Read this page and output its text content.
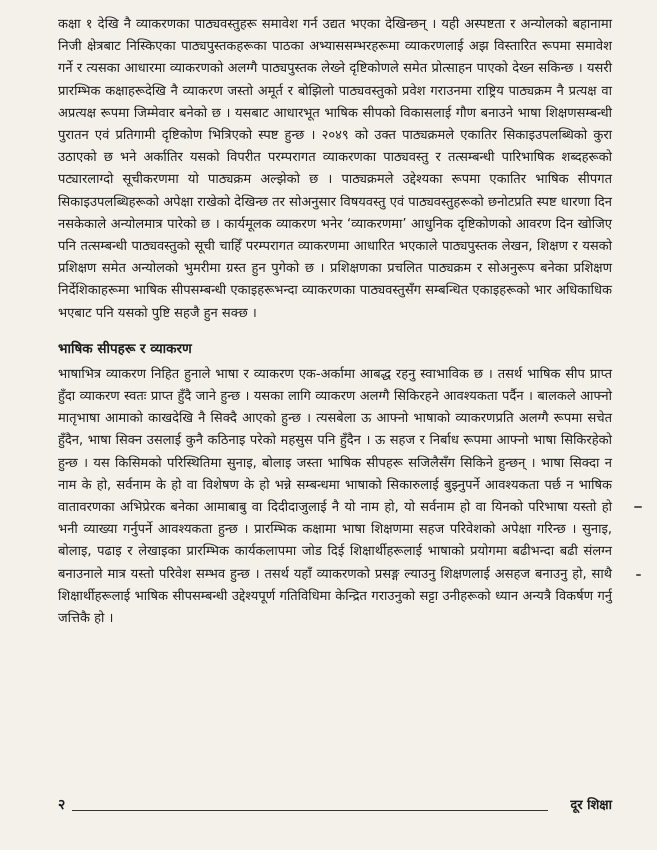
कक्षा १ देखि नै व्याकरणका पाठ्यवस्तुहरू समावेश गर्न उद्यत भएका देखिन्छन् । यही अस्पष्टता र अन्योलको बहानामा निजी क्षेत्रबाट निस्किएका पाठ्यपुस्तकहरूका पाठका अभ्याससम्भरहरूमा व्याकरणलाई अझ विस्तारित रूपमा समावेश गर्ने र त्यसका आधारमा व्याकरणको अलग्गै पाठ्यपुस्तक लेख्ने दृष्टिकोणले समेत प्रोत्साहन पाएको देख्न सकिन्छ । यसरी प्रारम्भिक कक्षाहरूदेखि नै व्याकरण जस्तो अमूर्त र बोझिलो पाठ्यवस्तुको प्रवेश गराउनमा राष्ट्रिय पाठ्यक्रम नै प्रत्यक्ष वा अप्रत्यक्ष रूपमा जिम्मेवार बनेको छ । यसबाट आधारभूत भाषिक सीपको विकासलाई गौण बनाउने भाषा शिक्षणसम्बन्धी पुरातन एवं प्रतिगामी दृष्टिकोण भित्रिएको स्पष्ट हुन्छ । २०४९ को उक्त पाठ्यक्रमले एकातिर सिकाइउपलब्धिको कुरा उठाएको छ भने अर्कातिर यसको विपरीत परम्परागत व्याकरणका पाठ्यवस्तु र तत्सम्बन्धी पारिभाषिक शब्दहरूको पट्यारलाग्दो सूचीकरणमा यो पाठ्यक्रम अल्झेको छ । पाठ्यक्रमले उद्देश्यका रूपमा एकातिर भाषिक सीपगत सिकाइउपलब्धिहरूको अपेक्षा राखेको देखिन्छ तर सोअनुसार विषयवस्तु एवं पाठ्यवस्तुहरूको छनोटप्रति स्पष्ट धारणा दिन नसकेकाले अन्योलमात्र पारेको छ । कार्यमूलक व्याकरण भनेर ‘व्याकरणमा’ आधुनिक दृष्टिकोणको आवरण दिन खोजिए पनि तत्सम्बन्धी पाठ्यवस्तुको सूची चाहिँ परम्परागत व्याकरणमा आधारित भएकाले पाठ्यपुस्तक लेखन, शिक्षण र यसको प्रशिक्षण समेत अन्योलको भुमरीमा ग्रस्त हुन पुगेको छ । प्रशिक्षणका प्रचलित पाठ्यक्रम र सोअनुरूप बनेका प्रशिक्षण निर्देशिकाहरूमा भाषिक सीपसम्बन्धी एकाइहरूभन्दा व्याकरणका पाठ्यवस्तुसँग सम्बन्धित एकाइहरूको भार अधिकाधिक भएबाट पनि यसको पुष्टि सहजै हुन सक्छ ।

भाषिक सीपहरू र व्याकरण

भाषाभित्र व्याकरण निहित हुनाले भाषा र व्याकरण एक-अर्कामा आबद्ध रहनु स्वाभाविक छ । तसर्थ भाषिक सीप प्राप्त हुँदा व्याकरण स्वतः प्राप्त हुँदै जाने हुन्छ । यसका लागि व्याकरण अलग्गै सिकिरहने आवश्यकता पर्दैन । बालकले आफ्नो मातृभाषा आमाको काखदेखि नै सिक्दै आएको हुन्छ । त्यसबेला ऊ आफ्नो भाषाको व्याकरणप्रति अलग्गै रूपमा सचेत हुँदैन, भाषा सिक्न उसलाई कुनै कठिनाइ परेको महसुस पनि हुँदैन । ऊ सहज र निर्बाध रूपमा आफ्नो भाषा सिकिरहेको हुन्छ । यस किसिमको परिस्थितिमा सुनाइ, बोलाइ जस्ता भाषिक सीपहरू सजिलैसँग सिकिने हुन्छन् । भाषा सिक्दा न नाम के हो, सर्वनाम के हो वा विशेषण के हो भन्ने सम्बन्धमा भाषाको सिकारुलाई बुझ्नुपर्ने आवश्यकता पर्छ न भाषिक वातावरणका अभिप्रेरक बनेका आमाबाबु वा दिदीदाजुलाई नै यो नाम हो, यो सर्वनाम हो वा यिनको परिभाषा यस्तो हो भनी व्याख्या गर्नुपर्ने आवश्यकता हुन्छ । प्रारम्भिक कक्षामा भाषा शिक्षणमा सहज परिवेशको अपेक्षा गरिन्छ । सुनाइ, बोलाइ, पढाइ र लेखाइका प्रारम्भिक कार्यकलापमा जोड दिई शिक्षार्थीहरूलाई भाषाको प्रयोगमा बढीभन्दा बढी संलग्न बनाउनाले मात्र यस्तो परिवेश सम्भव हुन्छ । तसर्थ यहाँ व्याकरणको प्रसङ्ग ल्याउनु शिक्षणलाई असहज बनाउनु हो, साथै शिक्षार्थीहरूलाई भाषिक सीपसम्बन्धी उद्देश्यपूर्ण गतिविधिमा केन्द्रित गराउनुको सट्टा उनीहरूको ध्यान अन्यत्रै विकर्षण गर्नु जत्तिकै हो ।

२	दूर शिक्षा
